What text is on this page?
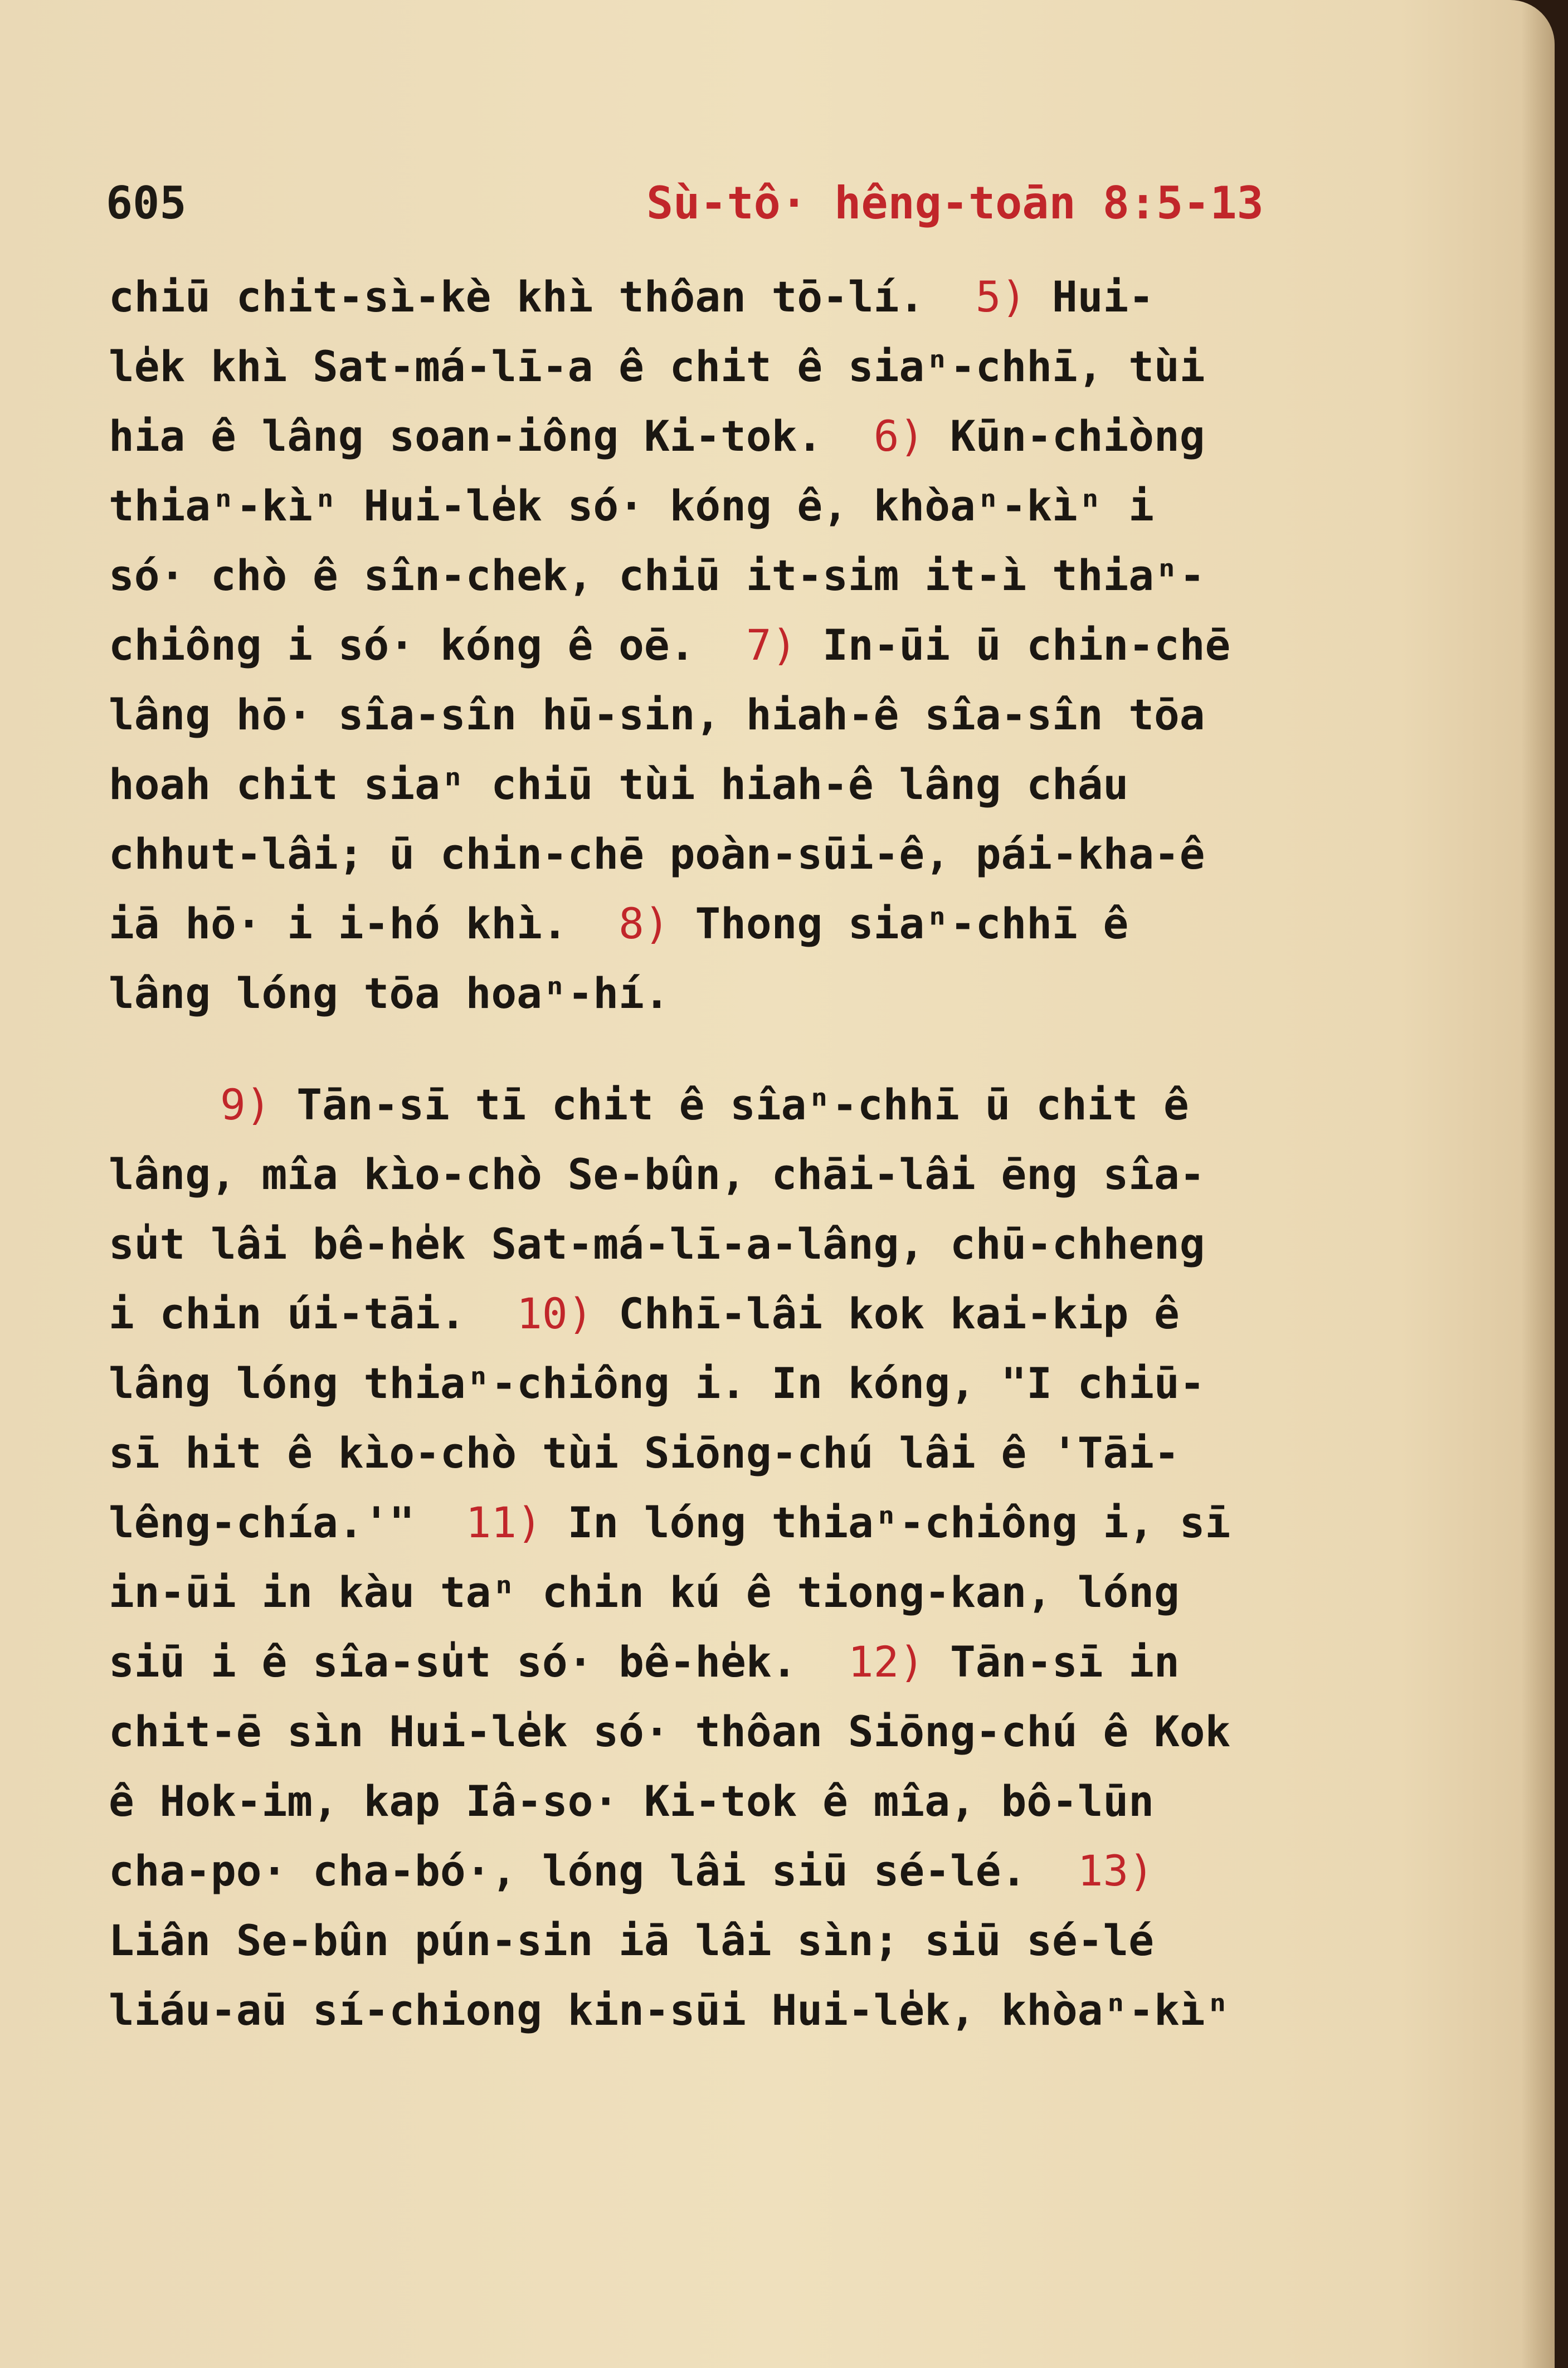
605	Sù-tô· hêng-toān 8:5-13
chiū chit-sì-kè khì thôan tō-lí.  5) Hui-
le̍k khì Sat-má-lī-a ê chit ê siaⁿ-chhī, tùi
hia ê lâng soan-iông Ki-tok.  6) Kūn-chiòng
thiaⁿ-kìⁿ Hui-le̍k só· kóng ê, khòaⁿ-kìⁿ i
só· chò ê sîn-chek, chiū it-sim it-ì thiaⁿ-
chiông i só· kóng ê oē.  7) In-ūi ū chin-chē
lâng hō· sîa-sîn hū-sin, hiah-ê sîa-sîn tōa
hoah chit siaⁿ chiū tùi hiah-ê lâng cháu
chhut-lâi; ū chin-chē poàn-sūi-ê, pái-kha-ê
iā hō· i i-hó khì.  8) Thong siaⁿ-chhī ê
lâng lóng tōa hoaⁿ-hí.
9) Tān-sī tī chit ê sîaⁿ-chhī ū chit ê
lâng, mîa kìo-chò Se-bûn, chāi-lâi ēng sîa-
su̍t lâi bê-he̍k Sat-má-lī-a-lâng, chū-chheng
i chin úi-tāi.  10) Chhī-lâi kok kai-kip ê
lâng lóng thiaⁿ-chiông i. In kóng, "I chiū-
sī hit ê kìo-chò tùi Siōng-chú lâi ê 'Tāi-
lêng-chía.'"  11) In lóng thiaⁿ-chiông i, sī
in-ūi in kàu taⁿ chin kú ê tiong-kan, lóng
siū i ê sîa-su̍t só· bê-he̍k.  12) Tān-sī in
chit-ē sìn Hui-le̍k só· thôan Siōng-chú ê Kok
ê Hok-im, kap Iâ-so· Ki-tok ê mîa, bô-lūn
cha-po· cha-bó·, lóng lâi siū sé-lé.  13)
Liân Se-bûn pún-sin iā lâi sìn; siū sé-lé
liáu-aū sí-chiong kin-sūi Hui-le̍k, khòaⁿ-kìⁿ
